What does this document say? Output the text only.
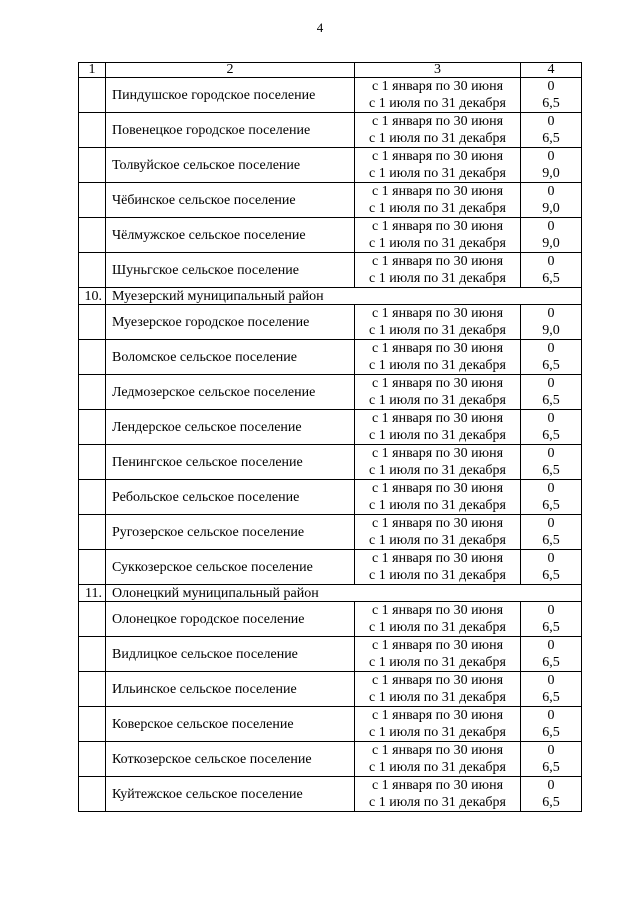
4
1	2	3	4
	Пиндушское городское поселение	с 1 января по 30 июня
с 1 июля по 31 декабря	0
6,5

	Повенецкое городское поселение	с 1 января по 30 июня
с 1 июля по 31 декабря	0
6,5

	Толвуйское сельское поселение	с 1 января по 30 июня
с 1 июля по 31 декабря	0
9,0

	Чёбинское сельское поселение	с 1 января по 30 июня
с 1 июля по 31 декабря	0
9,0

	Чёлмужское сельское поселение	с 1 января по 30 июня
с 1 июля по 31 декабря	0
9,0

	Шуньгское сельское поселение	с 1 января по 30 июня
с 1 июля по 31 декабря	0
6,5

10.	Муезерский муниципальный район		
	Муезерское городское поселение	с 1 января по 30 июня
с 1 июля по 31 декабря	0
9,0

	Воломское сельское поселение	с 1 января по 30 июня
с 1 июля по 31 декабря	0
6,5

	Ледмозерское сельское поселение	с 1 января по 30 июня
с 1 июля по 31 декабря	0
6,5

	Лендерское сельское поселение	с 1 января по 30 июня
с 1 июля по 31 декабря	0
6,5

	Пенингское сельское поселение	с 1 января по 30 июня
с 1 июля по 31 декабря	0
6,5

	Ребольское сельское поселение	с 1 января по 30 июня
с 1 июля по 31 декабря	0
6,5

	Ругозерское сельское поселение	с 1 января по 30 июня
с 1 июля по 31 декабря	0
6,5

	Суккозерское сельское поселение	с 1 января по 30 июня
с 1 июля по 31 декабря	0
6,5

11.	Олонецкий муниципальный район		
	Олонецкое городское поселение	с 1 января по 30 июня
с 1 июля по 31 декабря	0
6,5

	Видлицкое сельское поселение	с 1 января по 30 июня
с 1 июля по 31 декабря	0
6,5

	Ильинское сельское поселение	с 1 января по 30 июня
с 1 июля по 31 декабря	0
6,5

	Коверское сельское поселение	с 1 января по 30 июня
с 1 июля по 31 декабря	0
6,5

	Коткозерское сельское поселение	с 1 января по 30 июня
с 1 июля по 31 декабря	0
6,5

	Куйтежское сельское поселение	с 1 января по 30 июня
с 1 июля по 31 декабря	0
6,5
